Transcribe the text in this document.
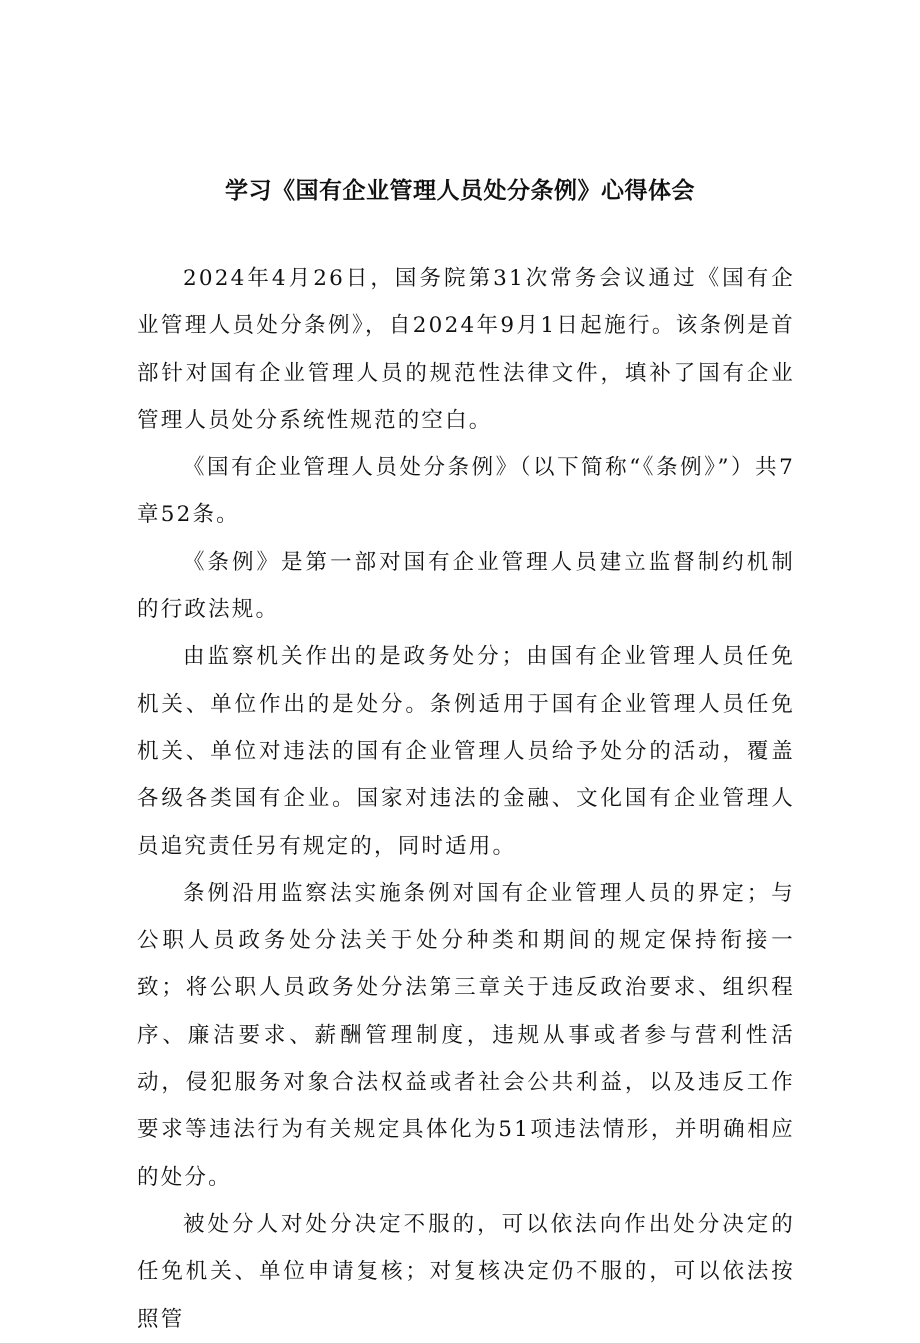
学习《国有企业管理人员处分条例》心得体会

2024年4月26日，国务院第31次常务会议通过《国有企业管理人员处分条例》，自2024年9月1日起施行。该条例是首部针对国有企业管理人员的规范性法律文件，填补了国有企业管理人员处分系统性规范的空白。

《国有企业管理人员处分条例》（以下简称“《条例》”）共7章52条。

《条例》是第一部对国有企业管理人员建立监督制约机制的行政法规。

由监察机关作出的是政务处分；由国有企业管理人员任免机关、单位作出的是处分。条例适用于国有企业管理人员任免机关、单位对违法的国有企业管理人员给予处分的活动，覆盖各级各类国有企业。国家对违法的金融、文化国有企业管理人员追究责任另有规定的，同时适用。

条例沿用监察法实施条例对国有企业管理人员的界定；与公职人员政务处分法关于处分种类和期间的规定保持衔接一致；将公职人员政务处分法第三章关于违反政治要求、组织程序、廉洁要求、薪酬管理制度，违规从事或者参与营利性活动，侵犯服务对象合法权益或者社会公共利益，以及违反工作要求等违法行为有关规定具体化为51项违法情形，并明确相应的处分。

被处分人对处分决定不服的，可以依法向作出处分决定的任免机关、单位申请复核；对复核决定仍不服的，可以依法按照管
